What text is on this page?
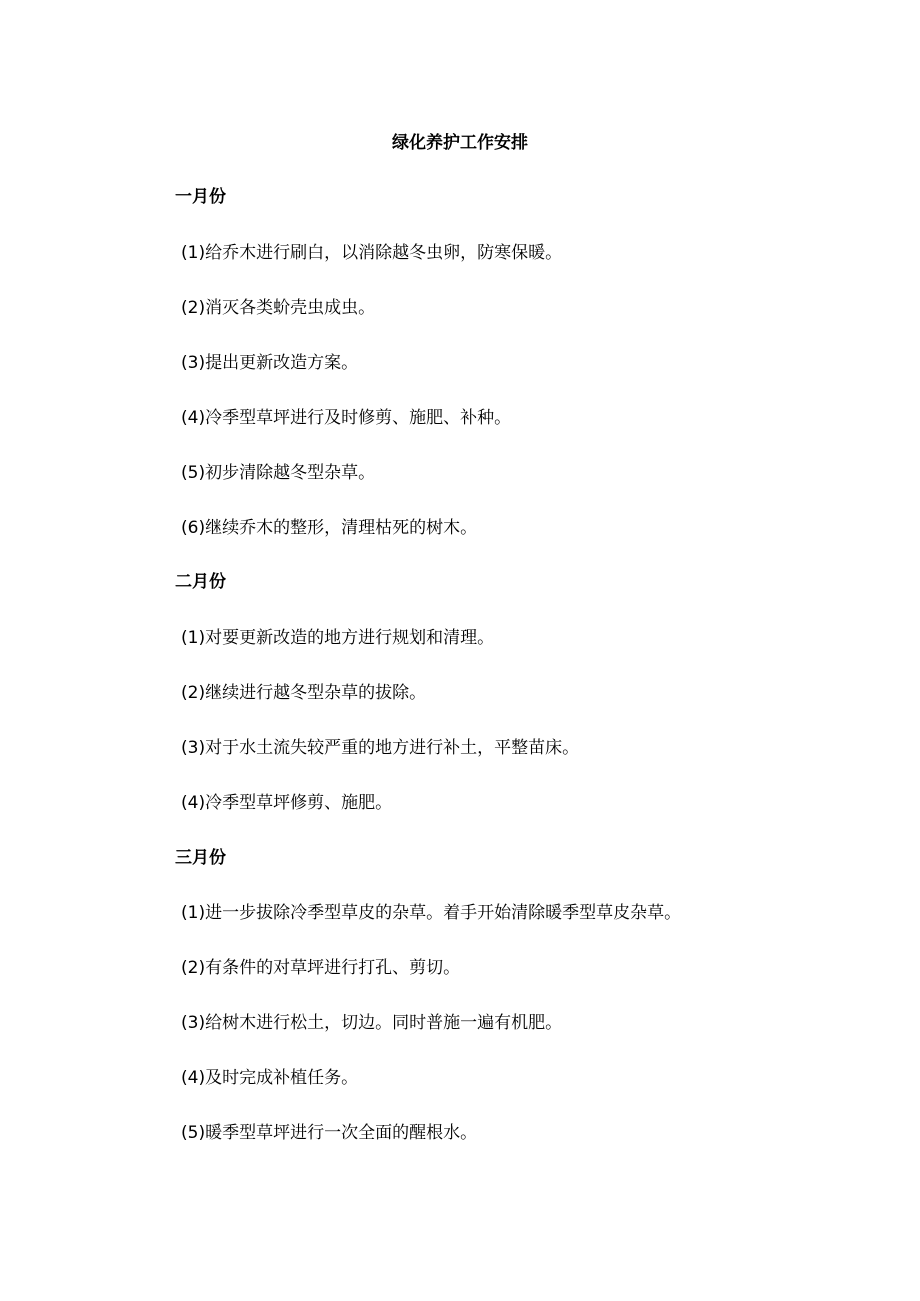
绿化养护工作安排
一月份

(1)给乔木进行刷白，以消除越冬虫卵，防寒保暖。

(2)消灭各类蚧壳虫成虫。

(3)提出更新改造方案。

(4)冷季型草坪进行及时修剪、施肥、补种。

(5)初步清除越冬型杂草。

(6)继续乔木的整形，清理枯死的树木。

二月份

(1)对要更新改造的地方进行规划和清理。

(2)继续进行越冬型杂草的拔除。

(3)对于水土流失较严重的地方进行补土，平整苗床。

(4)冷季型草坪修剪、施肥。

三月份

(1)进一步拔除冷季型草皮的杂草。着手开始清除暖季型草皮杂草。

(2)有条件的对草坪进行打孔、剪切。

(3)给树木进行松土，切边。同时普施一遍有机肥。

(4)及时完成补植任务。

(5)暖季型草坪进行一次全面的醒根水。
